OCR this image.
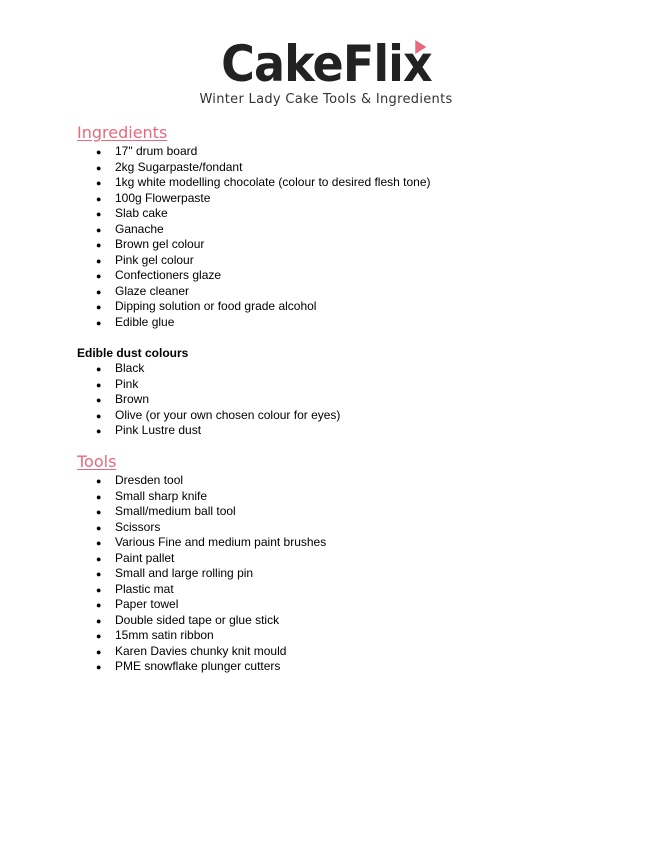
CakeFlix
Winter Lady Cake Tools & Ingredients
Ingredients
● 17" drum board
● 2kg Sugarpaste/fondant
● 1kg white modelling chocolate (colour to desired flesh tone)
● 100g Flowerpaste
● Slab cake
● Ganache
● Brown gel colour
● Pink gel colour
● Confectioners glaze
● Glaze cleaner
● Dipping solution or food grade alcohol
● Edible glue
Edible dust colours
● Black
● Pink
● Brown
● Olive (or your own chosen colour for eyes)
● Pink Lustre dust
Tools
● Dresden tool
● Small sharp knife
● Small/medium ball tool
● Scissors
● Various Fine and medium paint brushes
● Paint pallet
● Small and large rolling pin
● Plastic mat
● Paper towel
● Double sided tape or glue stick
● 15mm satin ribbon
● Karen Davies chunky knit mould
● PME snowflake plunger cutters
